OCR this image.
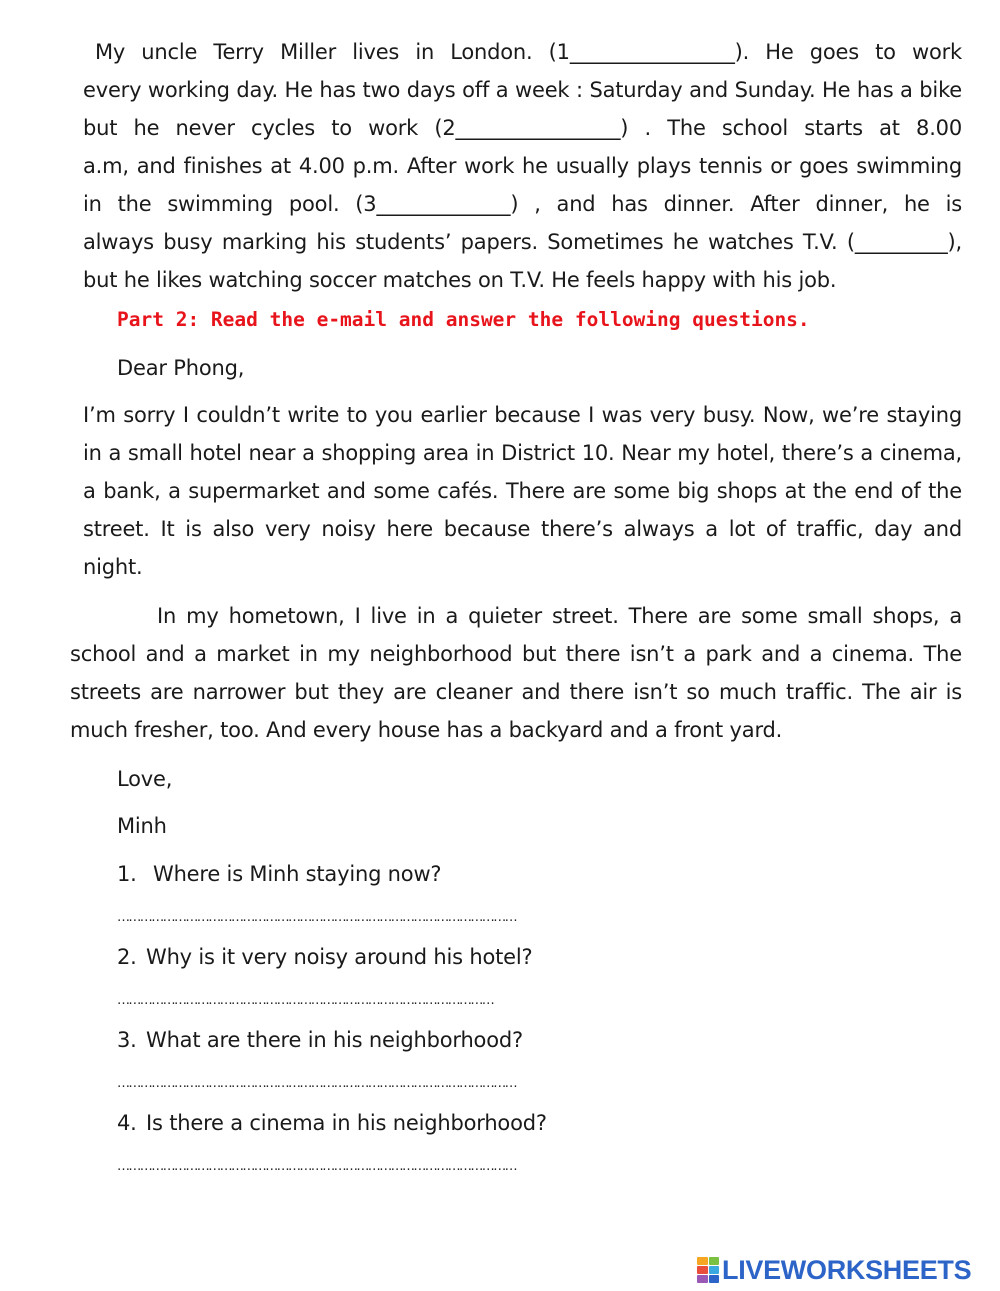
My uncle Terry Miller lives in London. (1________________). He goes to work
every working day. He has two days off a week : Saturday and Sunday. He has a bike
but he never cycles to work (2________________) . The school starts at 8.00
a.m, and finishes at 4.00 p.m. After work he usually plays tennis or goes swimming
in the swimming pool. (3_____________) , and has dinner. After dinner, he is
always busy marking his students’ papers. Sometimes he watches T.V. (_________),
but he likes watching soccer matches on T.V. He feels happy with his job.
Part 2: Read the e-mail and answer the following questions.
Dear Phong,
I’m sorry I couldn’t write to you earlier because I was very busy. Now, we’re staying
in a small hotel near a shopping area in District 10. Near my hotel, there’s a cinema,
a bank, a supermarket and some cafés. There are some big shops at the end of the
street. It is also very noisy here because there’s always a lot of traffic, day and
night.
In my hometown, I live in a quieter street. There are some small shops, a
school and a market in my neighborhood but there isn’t a park and a cinema. The
streets are narrower but they are cleaner and there isn’t so much traffic. The air is
much fresher, too. And every house has a backyard and a front yard.
Love,
Minh
1. Where is Minh staying now?
……………………………………………………………………………………………
2. Why is it very noisy around his hotel?
………………………………………………………………………………………
3. What are there in his neighborhood?
……………………………………………………………………………………………
4. Is there a cinema in his neighborhood?
……………………………………………………………………………………………
LIVEWORKSHEETS
